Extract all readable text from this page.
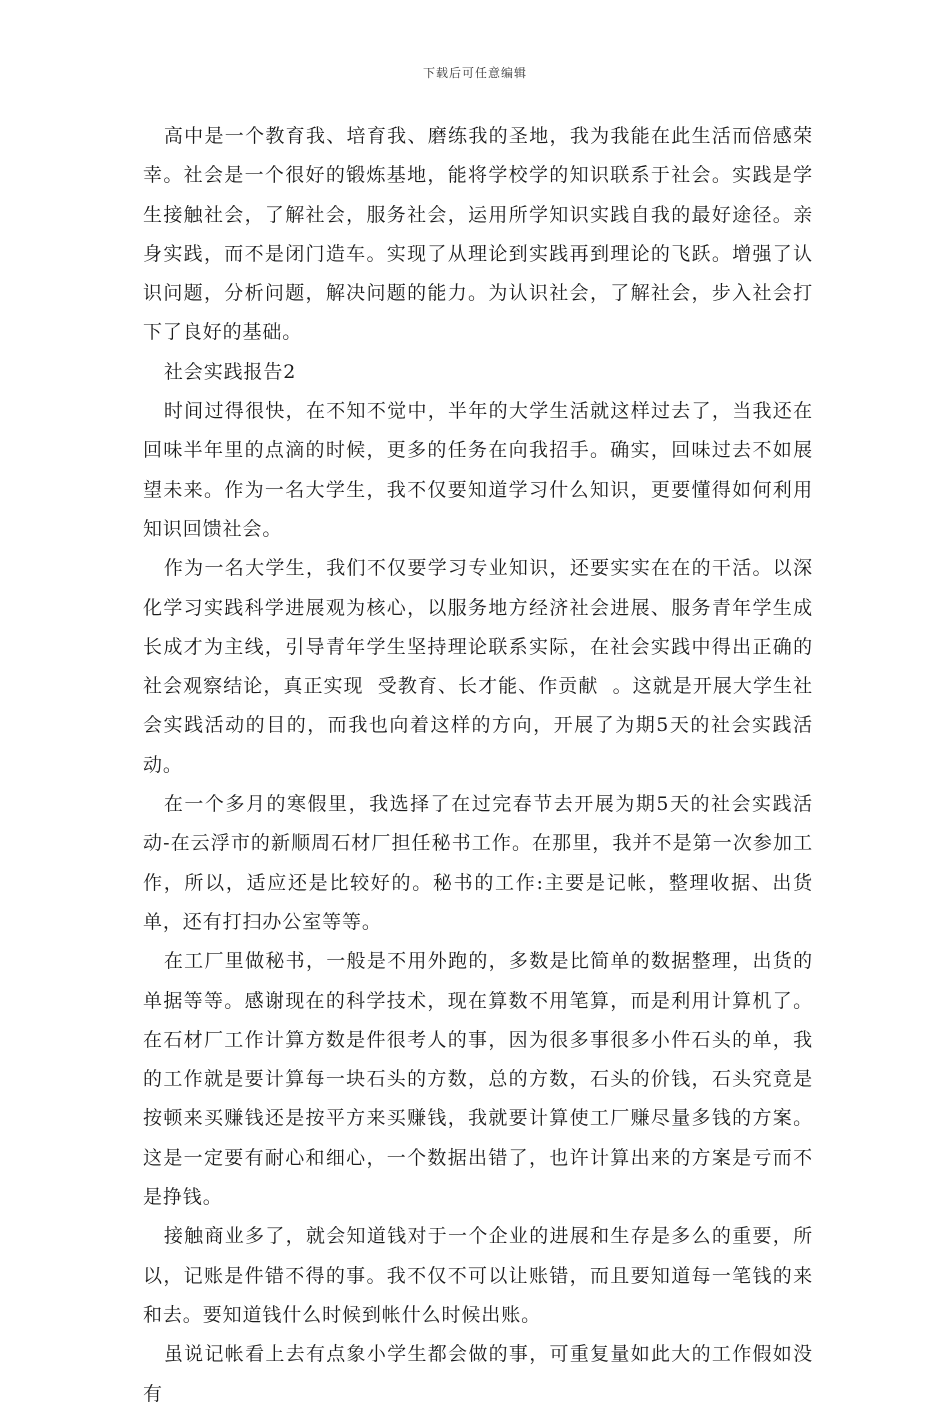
下载后可任意编辑

高中是一个教育我、培育我、磨练我的圣地，我为我能在此生活而倍感荣幸。社会是一个很好的锻炼基地，能将学校学的知识联系于社会。实践是学生接触社会，了解社会，服务社会，运用所学知识实践自我的最好途径。亲身实践，而不是闭门造车。实现了从理论到实践再到理论的飞跃。增强了认识问题，分析问题，解决问题的能力。为认识社会，了解社会，步入社会打下了良好的基础。

社会实践报告2

时间过得很快，在不知不觉中，半年的大学生活就这样过去了，当我还在回味半年里的点滴的时候，更多的任务在向我招手。确实，回味过去不如展望未来。作为一名大学生，我不仅要知道学习什么知识，更要懂得如何利用知识回馈社会。

作为一名大学生，我们不仅要学习专业知识，还要实实在在的干活。以深化学习实践科学进展观为核心，以服务地方经济社会进展、服务青年学生成长成才为主线，引导青年学生坚持理论联系实际，在社会实践中得出正确的社会观察结论，真正实现  受教育、长才能、作贡献  。这就是开展大学生社会实践活动的目的，而我也向着这样的方向，开展了为期5天的社会实践活动。

在一个多月的寒假里，我选择了在过完春节去开展为期5天的社会实践活动-在云浮市的新顺周石材厂担任秘书工作。在那里，我并不是第一次参加工作，所以，适应还是比较好的。秘书的工作:主要是记帐，整理收据、出货单，还有打扫办公室等等。

在工厂里做秘书，一般是不用外跑的，多数是比简单的数据整理，出货的单据等等。感谢现在的科学技术，现在算数不用笔算，而是利用计算机了。在石材厂工作计算方数是件很考人的事，因为很多事很多小件石头的单，我的工作就是要计算每一块石头的方数，总的方数，石头的价钱，石头究竟是按顿来买赚钱还是按平方来买赚钱，我就要计算使工厂赚尽量多钱的方案。这是一定要有耐心和细心，一个数据出错了，也许计算出来的方案是亏而不是挣钱。

接触商业多了，就会知道钱对于一个企业的进展和生存是多么的重要，所以，记账是件错不得的事。我不仅不可以让账错，而且要知道每一笔钱的来和去。要知道钱什么时候到帐什么时候出账。

虽说记帐看上去有点象小学生都会做的事，可重复量如此大的工作假如没有
